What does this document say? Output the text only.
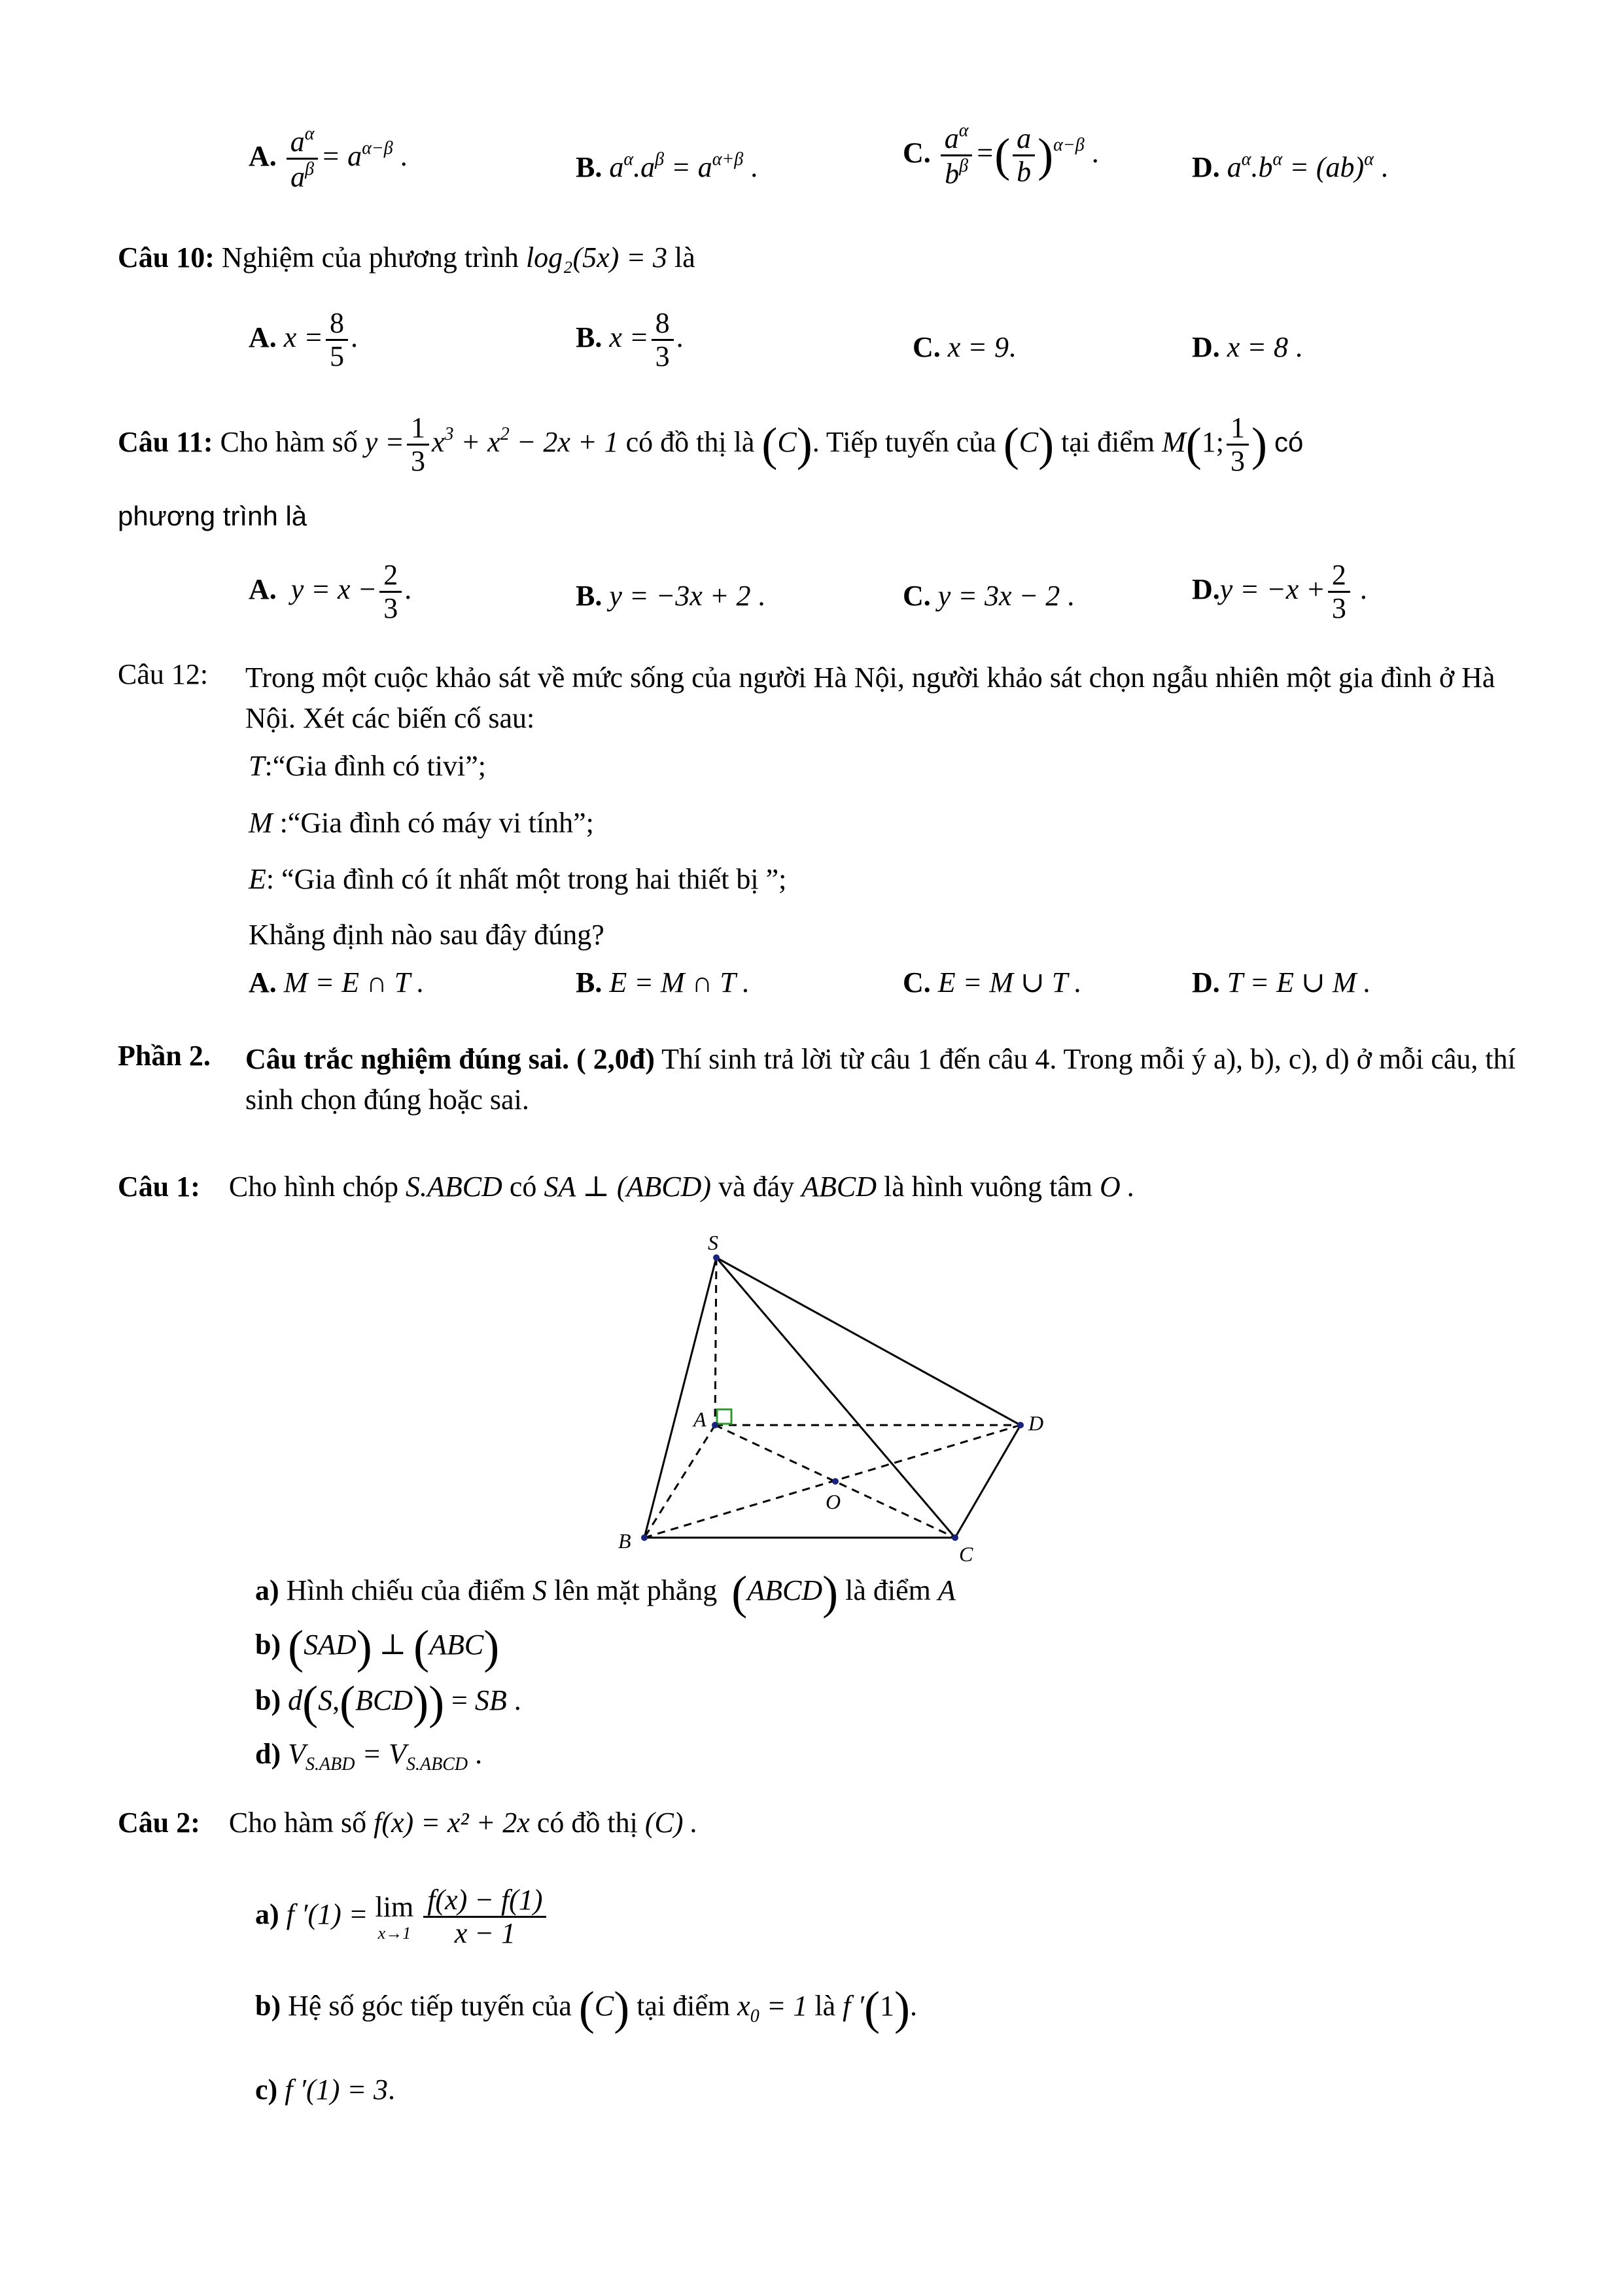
A. $\frac{a^\alpha}{a^\beta} = a^{\alpha-\beta}$ .	B. $a^\alpha.a^\beta = a^{\alpha+\beta}$ .	C. $\frac{a^\alpha}{b^\beta}$ =( $\frac{a}{b} )^{\alpha-\beta}$ .	D. $a^\alpha.b^\alpha = (ab)^\alpha$ .
Câu 10: Nghiệm của phương trình log₂(5x) = 3 là
A. $x = \frac{8}{5}$ .	B. $x = \frac{8}{3}$ .	C. x = 9.	D. x = 8 .
Câu 11: Cho hàm số $y = \frac{1}{3} x^3 + x^2 - 2x + 1$ có đồ thị là (C). Tiếp tuyến của (C) tại điểm M(1; $\frac{1}{3}$ ) có
phương trình là
A. $y = x - \frac{2}{3}$ .	B. y = −3x + 2 .	C. y = 3x − 2 .	$D.y = -x + \frac{2}{3}$ .
Câu 12: Trong một cuộc khảo sát về mức sống của người Hà Nội, người khảo sát chọn ngẫu nhiên một gia đình ở Hà Nội. Xét các biến cố sau:
T:“Gia đình có tivi”;
M :“Gia đình có máy vi tính”;
E: “Gia đình có ít nhất một trong hai thiết bị ”;
Khẳng định nào sau đây đúng?
A. M = E ∩ T .	B. E = M ∩ T .	C. E = M ∪ T .	D. T = E ∪ M .
Phần 2. Câu trắc nghiệm đúng sai. ( 2,0đ) Thí sinh trả lời từ câu 1 đến câu 4. Trong mỗi ý a), b), c), d) ở mỗi câu, thí sinh chọn đúng hoặc sai.
Câu 1: Cho hình chóp S.ABCD có SA ⊥ (ABCD) và đáy ABCD là hình vuông tâm O .
S
A	D
B
C
O
a) Hình chiếu của điểm S lên mặt phẳng  (ABCD) là điểm A
b) (SAD) ⊥ (ABC)
b) d(S,(BCD)) = SB .
d) $V_{S.ABD} = V_{S.ABCD}$ .
Câu 2: Cho hàm số f(x) = x² + 2x có đồ thị (C) .
a) f ′(1) = lim
x→1
$\frac{f(x) - f(1)}{x - 1}$
b) Hệ số góc tiếp tuyến của (C) tại điểm $x_0 = 1$ là f ′(1).
c) f ′(1) = 3.
